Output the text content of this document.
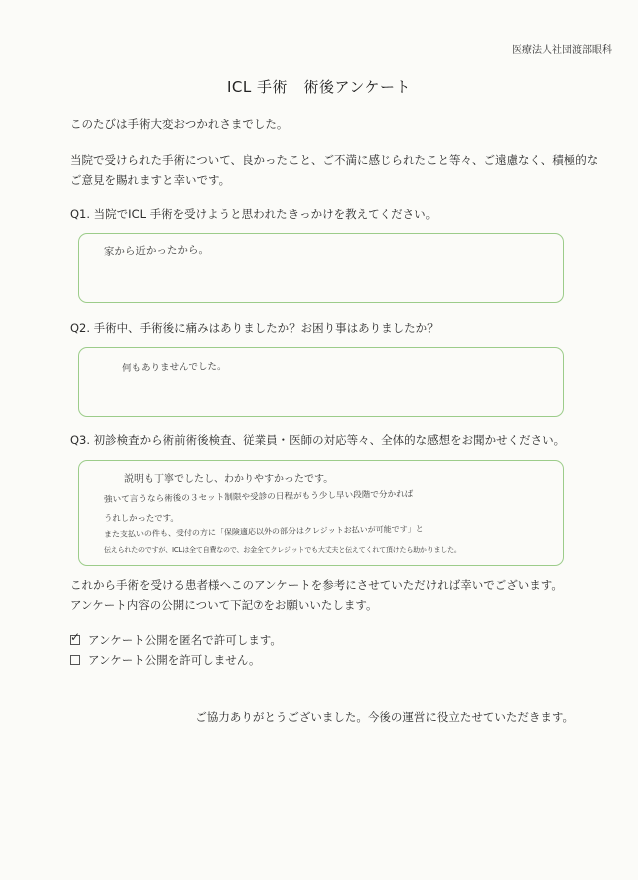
医療法人社団渡部眼科
ICL 手術　術後アンケート
このたびは手術大変おつかれさまでした。
当院で受けられた手術について、良かったこと、ご不満に感じられたこと等々、ご遠慮なく、積極的な
ご意見を賜れますと幸いです。
Q1. 当院でICL 手術を受けようと思われたきっかけを教えてください。
家から近かったから。
Q2. 手術中、手術後に痛みはありましたか？お困り事はありましたか？
何もありませんでした。
Q3. 初診検査から術前術後検査、従業員・医師の対応等々、全体的な感想をお聞かせください。
説明も丁寧でしたし、わかりやすかったです。
強いて言うなら術後の３セット制限や受診の日程がもう少し早い段階で分かれば
うれしかったです。
また支払いの件も、受付の方に「保険適応以外の部分はクレジットお払いが可能です」と
伝えられたのですが、ICLは全て自費なので、お金全てクレジットでも大丈夫と伝えてくれて頂けたら助かりました。
これから手術を受ける患者様へこのアンケートを参考にさせていただければ幸いでございます。
アンケート内容の公開について下記⑦をお願いいたします。
✓ アンケート公開を匿名で許可します。
アンケート公開を許可しません。
ご協力ありがとうございました。今後の運営に役立たせていただきます。
